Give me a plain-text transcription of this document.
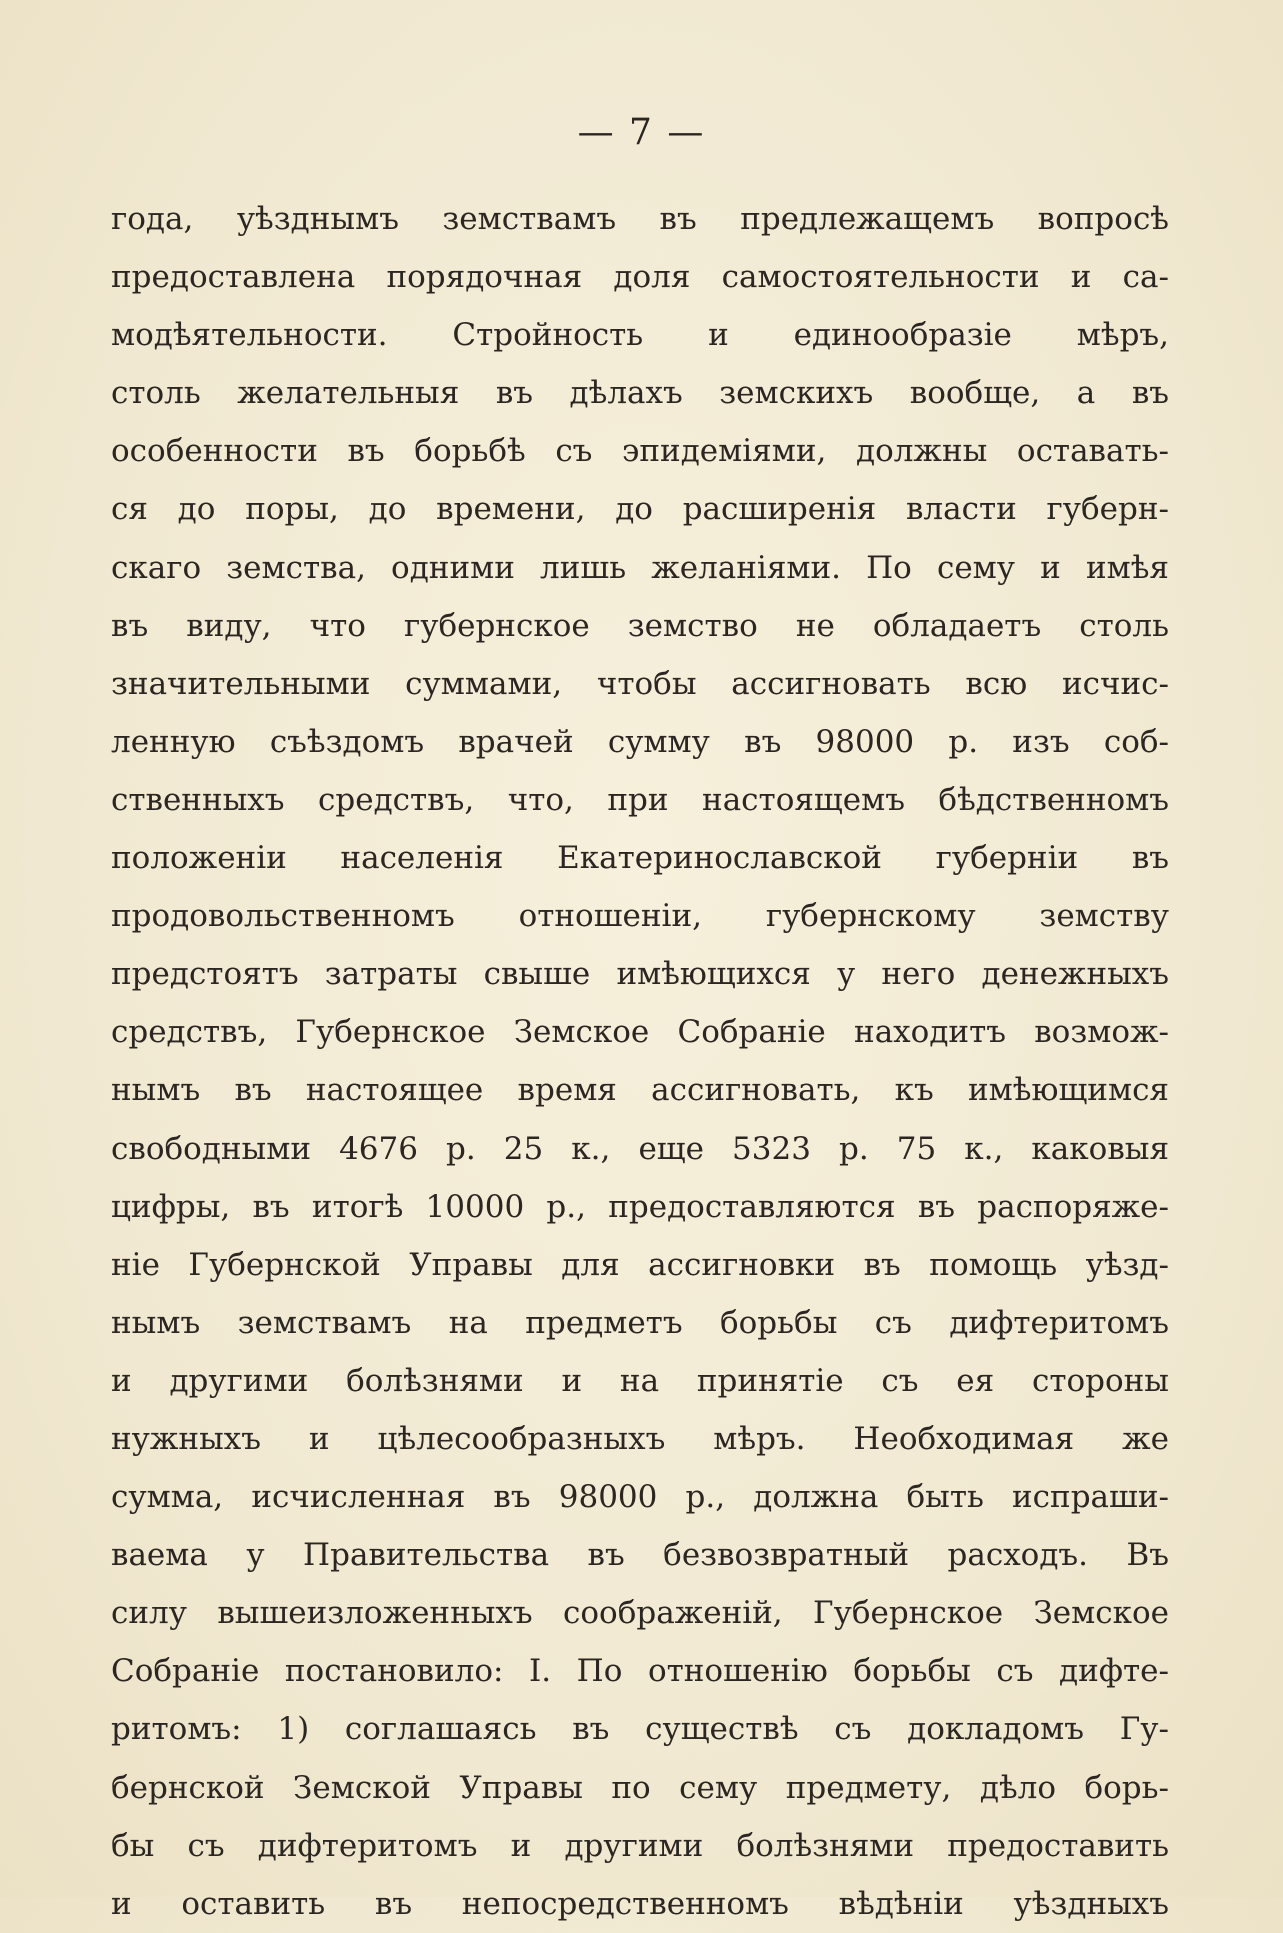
— 7 —
года, уѣзднымъ земствамъ въ предлежащемъ вопросѣ
предоставлена порядочная доля самостоятельности и са-
модѣятельности. Стройность и единообразіе мѣръ,
столь желательныя въ дѣлахъ земскихъ вообще, а въ
особенности въ борьбѣ съ эпидеміями, должны оставать-
ся до поры, до времени, до расширенія власти губерн-
скаго земства, одними лишь желаніями. По сему и имѣя
въ виду, что губернское земство не обладаетъ столь
значительными суммами, чтобы ассигновать всю исчис-
ленную съѣздомъ врачей сумму въ 98000 р. изъ соб-
ственныхъ средствъ, что, при настоящемъ бѣдственномъ
положеніи населенія Екатеринославской губерніи въ
продовольственномъ отношеніи, губернскому земству
предстоятъ затраты свыше имѣющихся у него денежныхъ
средствъ, Губернское Земское Собраніе находитъ возмож-
нымъ въ настоящее время ассигновать, къ имѣющимся
свободными 4676 р. 25 к., еще 5323 р. 75 к., каковыя
цифры, въ итогѣ 10000 р., предоставляются въ распоряже-
ніе Губернской Управы для ассигновки въ помощь уѣзд-
нымъ земствамъ на предметъ борьбы съ дифтеритомъ
и другими болѣзнями и на принятіе съ ея стороны
нужныхъ и цѣлесообразныхъ мѣръ. Необходимая же
сумма, исчисленная въ 98000 р., должна быть испраши-
ваема у Правительства въ безвозвратный расходъ. Въ
силу вышеизложенныхъ соображеній, Губернское Земское
Собраніе постановило: I. По отношенію борьбы съ дифте-
ритомъ: 1) соглашаясь въ существѣ съ докладомъ Гу-
бернской Земской Управы по сему предмету, дѣло борь-
бы съ дифтеритомъ и другими болѣзнями предоставить
и оставить въ непосредственномъ вѣдѣніи уѣздныхъ
